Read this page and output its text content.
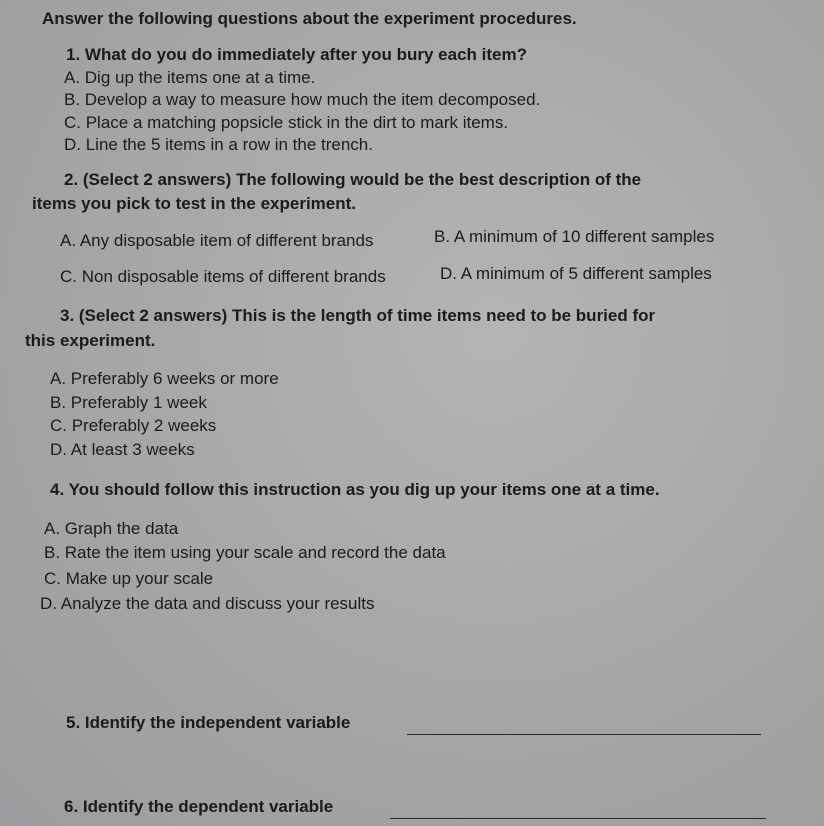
Answer the following questions about the experiment procedures.
1. What do you do immediately after you bury each item?
A. Dig up the items one at a time.
B. Develop a way to measure how much the item decomposed.
C. Place a matching popsicle stick in the dirt to mark items.
D. Line the 5 items in a row in the trench.
2. (Select 2 answers) The following would be the best description of the
items you pick to test in the experiment.
A. Any disposable item of different brands	B. A minimum of 10 different samples
C. Non disposable items of different brands	D. A minimum of 5 different samples
3. (Select 2 answers) This is the length of time items need to be buried for
this experiment.
A. Preferably 6 weeks or more
B. Preferably 1 week
C. Preferably 2 weeks
D. At least 3 weeks
4. You should follow this instruction as you dig up your items one at a time.
A. Graph the data
B. Rate the item using your scale and record the data
C. Make up your scale
D. Analyze the data and discuss your results
5. Identify the independent variable
6. Identify the dependent variable
